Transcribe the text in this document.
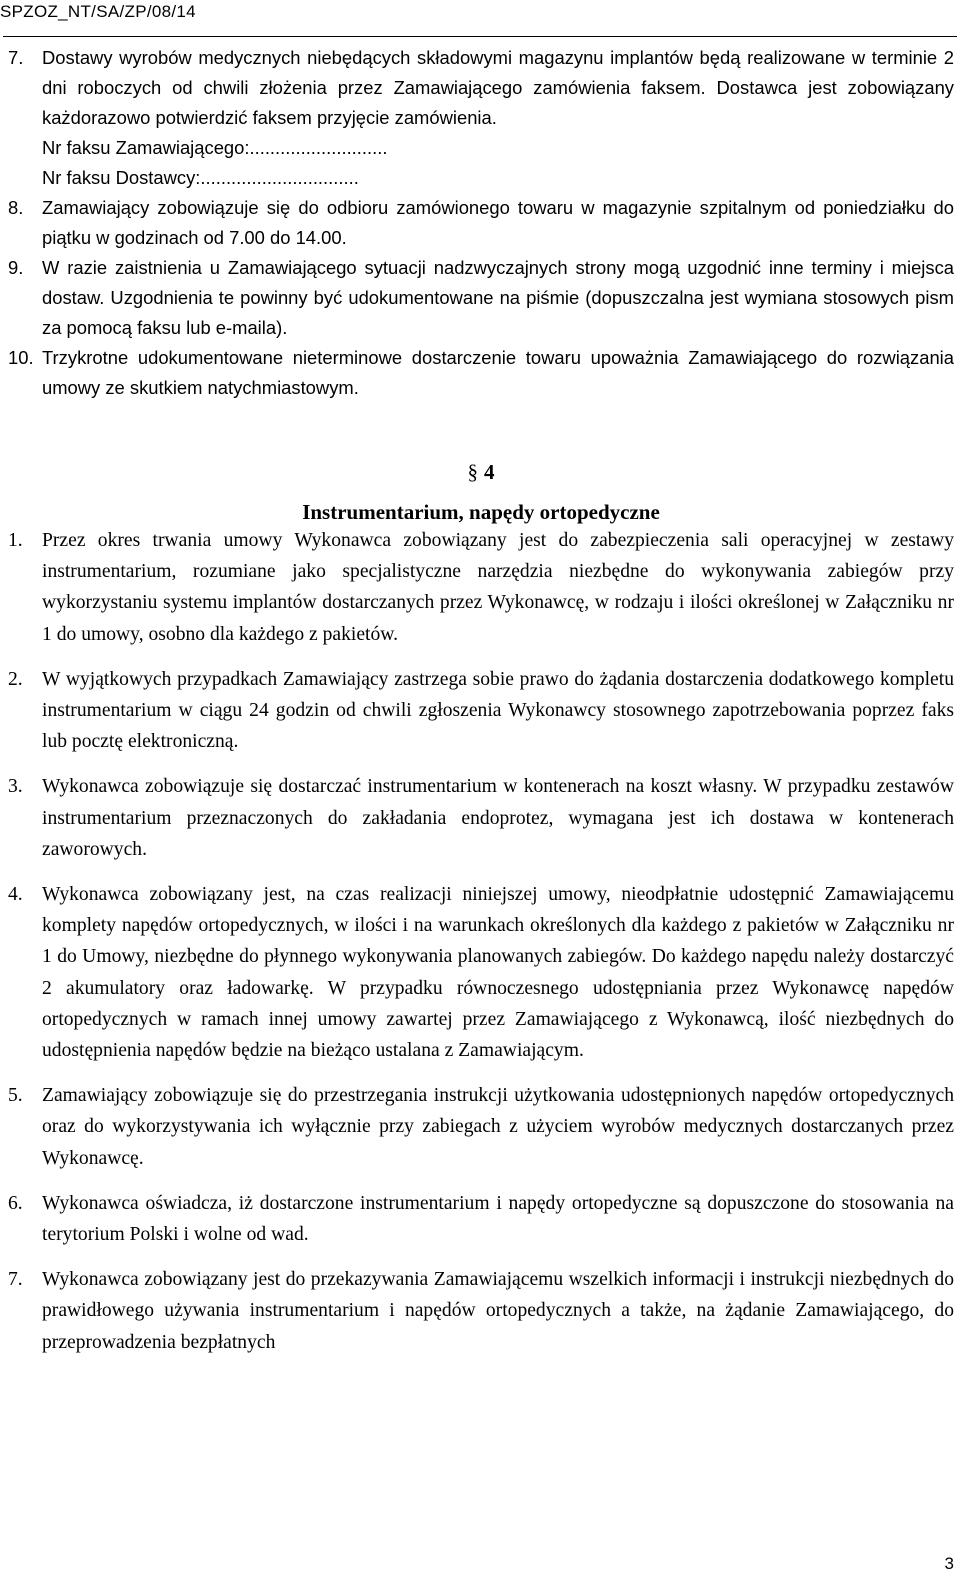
SPZOZ_NT/SA/ZP/08/14
7.	Dostawy wyrobów medycznych niebędących składowymi magazynu implantów będą realizowane w terminie 2 dni roboczych od chwili złożenia przez Zamawiającego zamówienia faksem. Dostawca jest zobowiązany każdorazowo potwierdzić faksem przyjęcie zamówienia.
Nr faksu Zamawiającego:...........................
Nr faksu Dostawcy:...............................
8.	Zamawiający zobowiązuje się do odbioru zamówionego towaru w magazynie szpitalnym od poniedziałku do piątku w godzinach od 7.00 do 14.00.
9.	W razie zaistnienia u Zamawiającego sytuacji nadzwyczajnych strony mogą uzgodnić inne terminy i miejsca dostaw. Uzgodnienia te powinny być udokumentowane na piśmie (dopuszczalna jest wymiana stosowych pism za pomocą faksu lub e-maila).
10. Trzykrotne udokumentowane nieterminowe dostarczenie towaru upoważnia Zamawiającego do rozwiązania umowy ze skutkiem natychmiastowym.
§ 4
Instrumentarium, napędy ortopedyczne
1. Przez okres trwania umowy Wykonawca zobowiązany jest do zabezpieczenia sali operacyjnej w zestawy instrumentarium, rozumiane jako specjalistyczne narzędzia niezbędne do wykonywania zabiegów przy wykorzystaniu systemu implantów dostarczanych przez Wykonawcę, w rodzaju i ilości określonej w Załączniku nr 1 do umowy, osobno dla każdego z pakietów.
2. W wyjątkowych przypadkach Zamawiający zastrzega sobie prawo do żądania dostarczenia dodatkowego kompletu instrumentarium w ciągu 24 godzin od chwili zgłoszenia Wykonawcy stosownego zapotrzebowania poprzez faks lub pocztę elektroniczną.
3. Wykonawca zobowiązuje się dostarczać instrumentarium w kontenerach na koszt własny. W przypadku zestawów instrumentarium przeznaczonych do zakładania endoprotez, wymagana jest ich dostawa w kontenerach zaworowych.
4. Wykonawca zobowiązany jest, na czas realizacji niniejszej umowy, nieodpłatnie udostępnić Zamawiającemu komplety napędów ortopedycznych, w ilości i na warunkach określonych dla każdego z pakietów w Załączniku nr 1 do Umowy, niezbędne do płynnego wykonywania planowanych zabiegów. Do każdego napędu należy dostarczyć 2 akumulatory oraz ładowarkę. W przypadku równoczesnego udostępniania przez Wykonawcę napędów ortopedycznych w ramach innej umowy zawartej przez Zamawiającego z Wykonawcą, ilość niezbędnych do udostępnienia napędów będzie na bieżąco ustalana z Zamawiającym.
5. Zamawiający zobowiązuje się do przestrzegania instrukcji użytkowania udostępnionych napędów ortopedycznych oraz do wykorzystywania ich wyłącznie przy zabiegach z użyciem wyrobów medycznych dostarczanych przez Wykonawcę.
6. Wykonawca oświadcza, iż dostarczone instrumentarium i napędy ortopedyczne są dopuszczone do stosowania na terytorium Polski i wolne od wad.
7. Wykonawca zobowiązany jest do przekazywania Zamawiającemu wszelkich informacji i instrukcji niezbędnych do prawidłowego używania instrumentarium i napędów ortopedycznych a także, na żądanie Zamawiającego, do przeprowadzenia bezpłatnych
3
